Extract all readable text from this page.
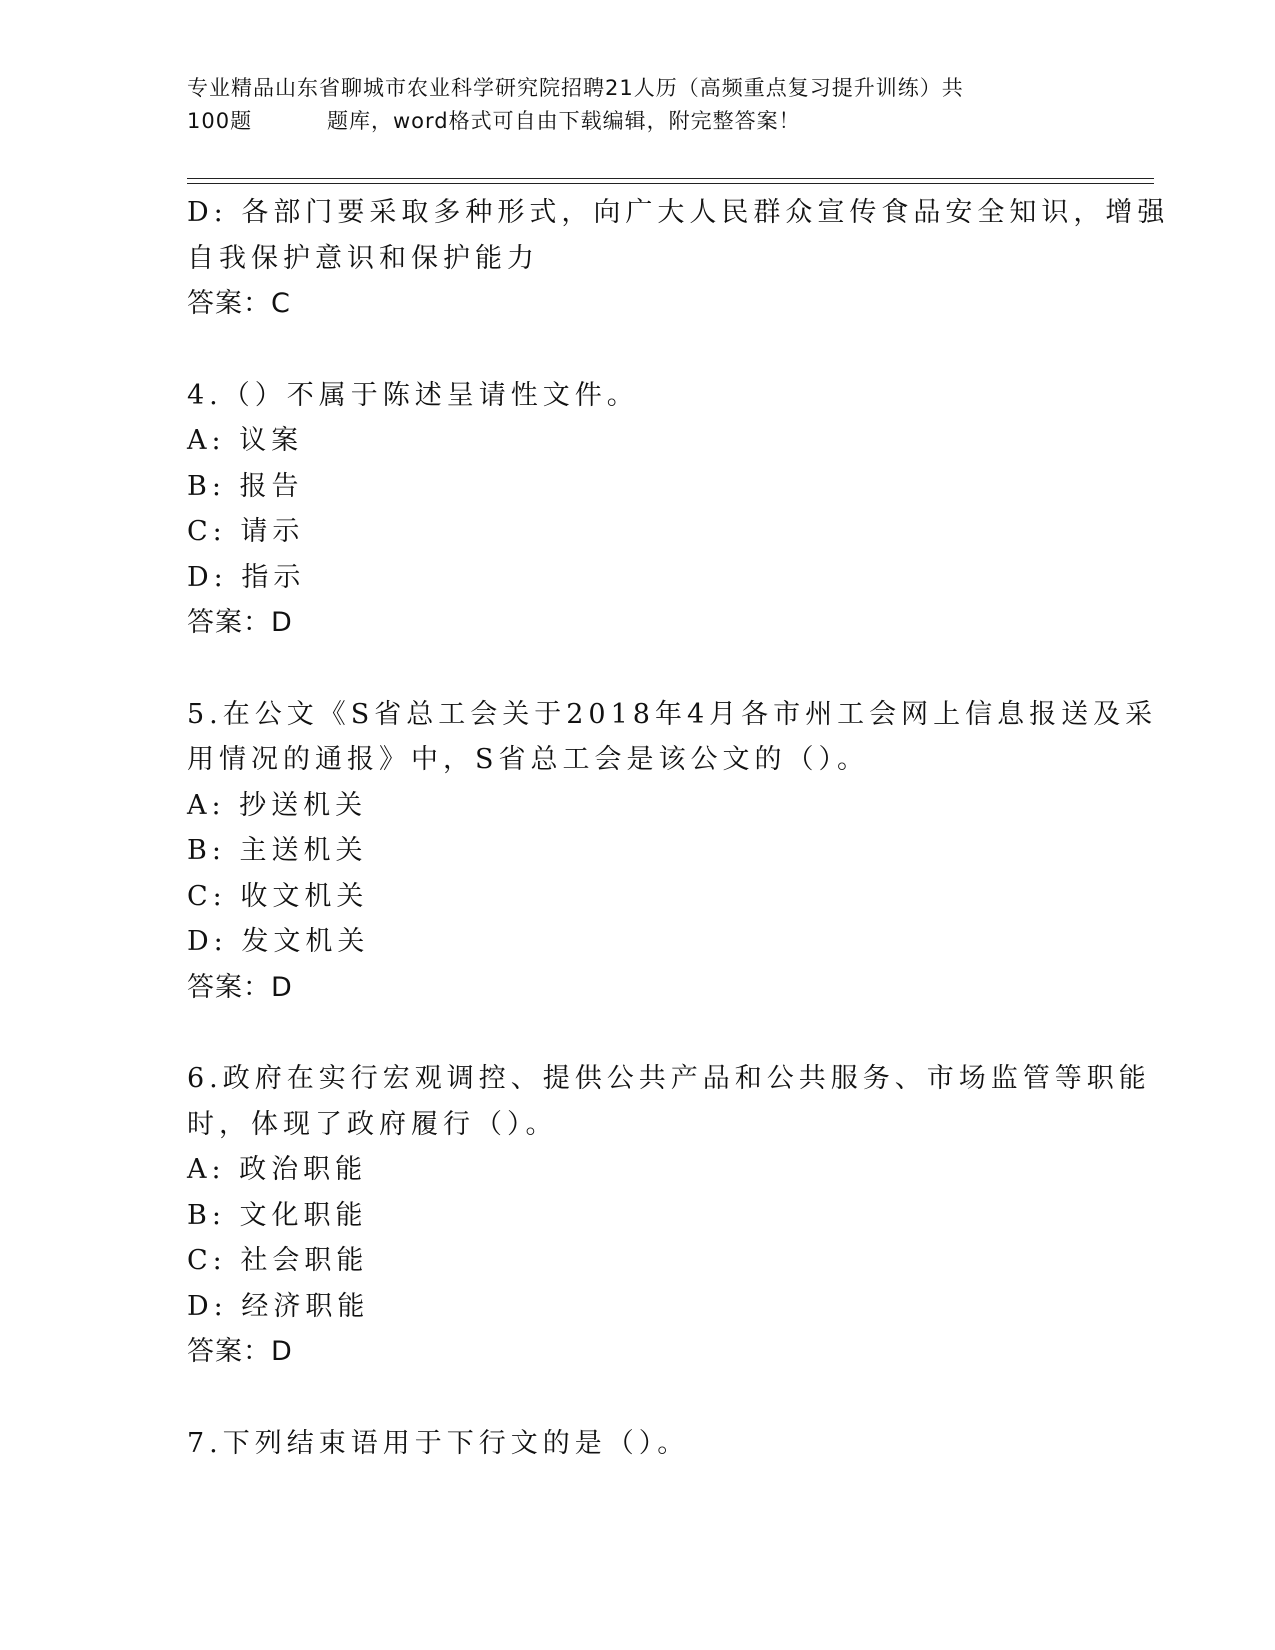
专业精品山东省聊城市农业科学研究院招聘21人历（高频重点复习提升训练）共
100题	题库，word格式可自由下载编辑，附完整答案！
D: 各部门要采取多种形式，向广大人民群众宣传食品安全知识，增强
自我保护意识和保护能力
答案：C
4.（）不属于陈述呈请性文件。
A: 议案
B: 报告
C: 请示
D: 指示
答案：D
5.在公文《S省总工会关于2018年4月各市州工会网上信息报送及采
用情况的通报》中，S省总工会是该公文的（）。
A: 抄送机关
B: 主送机关
C: 收文机关
D: 发文机关
答案：D
6.政府在实行宏观调控、提供公共产品和公共服务、市场监管等职能
时，体现了政府履行（）。
A: 政治职能
B: 文化职能
C: 社会职能
D: 经济职能
答案：D
7.下列结束语用于下行文的是（）。
